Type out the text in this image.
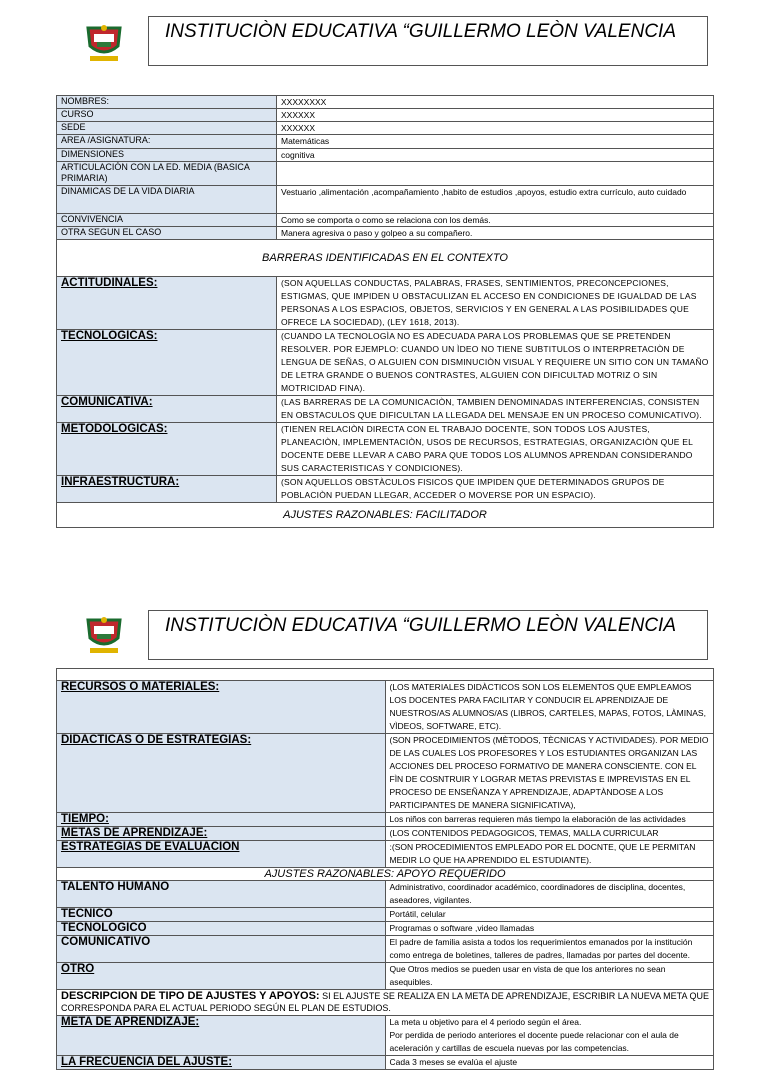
INSTITUCIÒN EDUCATIVA “GUILLERMO LEÒN VALENCIA
NOMBRES:	XXXXXXXX
CURSO	XXXXXX
SEDE	XXXXXX
AREA /ASIGNATURA:	Matemáticas
DIMENSIONES	cognitiva
ARTICULACIÒN CON LA ED. MEDIA (BASICA PRIMARIA)	
DINAMICAS DE LA VIDA DIARIA	Vestuario ,alimentación ,acompañamiento ,habito de estudios ,apoyos, estudio extra currículo, auto cuidado
CONVIVENCIA	Como se comporta o como se relaciona con los demás.
OTRA SEGUN EL CASO	Manera agresiva o paso y golpeo a su compañero.
BARRERAS IDENTIFICADAS EN EL CONTEXTO	
ACTITUDINALES:	(SON AQUELLAS CONDUCTAS, PALABRAS, FRASES, SENTIMIENTOS, PRECONCEPCIONES, ESTIGMAS, QUE IMPIDEN U OBSTACULIZAN EL ACCESO EN CONDICIONES DE IGUALDAD DE LAS PERSONAS A LOS ESPACIOS, OBJETOS, SERVICIOS Y EN GENERAL A LAS POSIBILIDADES QUE OFRECE LA SOCIEDAD), (LEY 1618, 2013).
TECNOLÒGICAS:	(CUANDO LA TECNOLOGÌA NO ES ADECUADA PARA LOS PROBLEMAS QUE SE PRETENDEN RESOLVER. POR EJEMPLO: CUANDO UN ÌDEO NO TIENE SUBTITULOS O INTERPRETACIÒN DE LENGUA DE SEÑAS, O ALGUIEN CON DISMINUCIÒN VISUAL Y REQUIERE UN SITIO CON UN TAMAÑO DE LETRA GRANDE O BUENOS CONTRASTES, ALGUIEN CON DIFICULTAD MOTRIZ O SIN MOTRICIDAD FINA).
COMUNICATIVA:	(LAS BARRERAS DE LA COMUNICACIÒN, TAMBIEN DENOMINADAS INTERFERENCIAS, CONSISTEN EN OBSTACULOS QUE DIFICULTAN LA LLEGADA DEL MENSAJE EN UN PROCESO COMUNICATIVO).
METODOLÒGICAS:	(TIENEN RELACIÒN DIRECTA CON EL TRABAJO DOCENTE, SON TODOS LOS AJUSTES, PLANEACIÒN, IMPLEMENTACIÒN, USOS DE RECURSOS, ESTRATEGIAS, ORGANIZACIÒN QUE EL DOCENTE DEBE LLEVAR A CABO PARA QUE TODOS LOS ALUMNOS APRENDAN CONSIDERANDO SUS CARACTERISTICAS Y CONDICIONES).
INFRAESTRUCTURA:	(SON AQUELLOS OBSTÀCULOS FISICOS QUE IMPIDEN QUE DETERMINADOS GRUPOS DE POBLACIÒN PUEDAN LLEGAR, ACCEDER O MOVERSE POR UN ESPACIO).
AJUSTES RAZONABLES: FACILITADOR	
INSTITUCIÒN EDUCATIVA “GUILLERMO LEÒN VALENCIA

RECURSOS O MATERIALES:	(LOS MATERIALES DIDÀCTICOS SON LOS ELEMENTOS QUE EMPLEAMOS LOS DOCENTES PARA FACILITAR Y CONDUCIR EL APRENDIZAJE DE NUESTROS/AS ALUMNOS/AS (LIBROS, CARTELES, MAPAS, FOTOS, LÀMINAS, VÌDEOS, SOFTWARE, ETC).
DIDÀCTICAS O DE ESTRATEGÌAS:	(SON PROCEDIMIENTOS (MÈTODOS, TÈCNICAS Y ACTIVIDADES). POR MEDIO DE LAS CUALES LOS PROFESORES Y LOS ESTUDIANTES ORGANIZAN LAS ACCIONES DEL PROCESO FORMATIVO DE MANERA CONSCIENTE. CON EL FÌN DE COSNTRUIR Y LOGRAR METAS PREVISTAS E IMPREVISTAS EN EL PROCESO DE ENSEÑANZA Y APRENDIZAJE, ADAPTÀNDOSE A LOS PARTICIPANTES DE MANERA SIGNIFICATIVA),
TIEMPO:	Los niños con barreras requieren más tiempo la elaboración de las actividades
METAS DE APRENDIZAJE:	(LOS CONTENIDOS PEDAGOGICOS, TEMAS, MALLA CURRICULAR
ESTRATEGIAS DE EVALUACIÒN	:(SON PROCEDIMIENTOS EMPLEADO POR EL DOCNTE, QUE LE PERMITAN MEDIR LO QUE HA APRENDIDO EL ESTUDIANTE).
AJUSTES RAZONABLES: APOYO REQUERIDO	
TALENTO HUMANO	Administrativo, coordinador académico, coordinadores de disciplina, docentes, aseadores, vigilantes.
TÈCNICO	Portátil, celular
TECNOLÒGICO	Programas o software ,video llamadas
COMUNICATIVO	El padre de familia asista a todos los requerimientos emanados por la institución como entrega de boletines, talleres de padres, llamadas por partes del docente.
OTRO	Que Otros medios se pueden usar en vista de que los anteriores no sean asequibles.
DESCRIPCION DE TIPO DE AJUSTES Y APOYOS: SI EL AJUSTE SE REALIZA EN LA META DE APRENDIZAJE, ESCRIBIR LA NUEVA META QUE CORRESPONDA PARA EL ACTUAL PERIODO SEGÚN EL PLAN DE ESTUDIOS.	
META DE APRENDIZAJE:	La meta u objetivo para el 4 periodo según el área.
Por perdida de periodo anteriores el docente puede relacionar con el aula de aceleración y cartillas de escuela nuevas por las competencias.

LA FRECUENCIA DEL AJUSTE:	Cada 3 meses se evalúa el ajuste
